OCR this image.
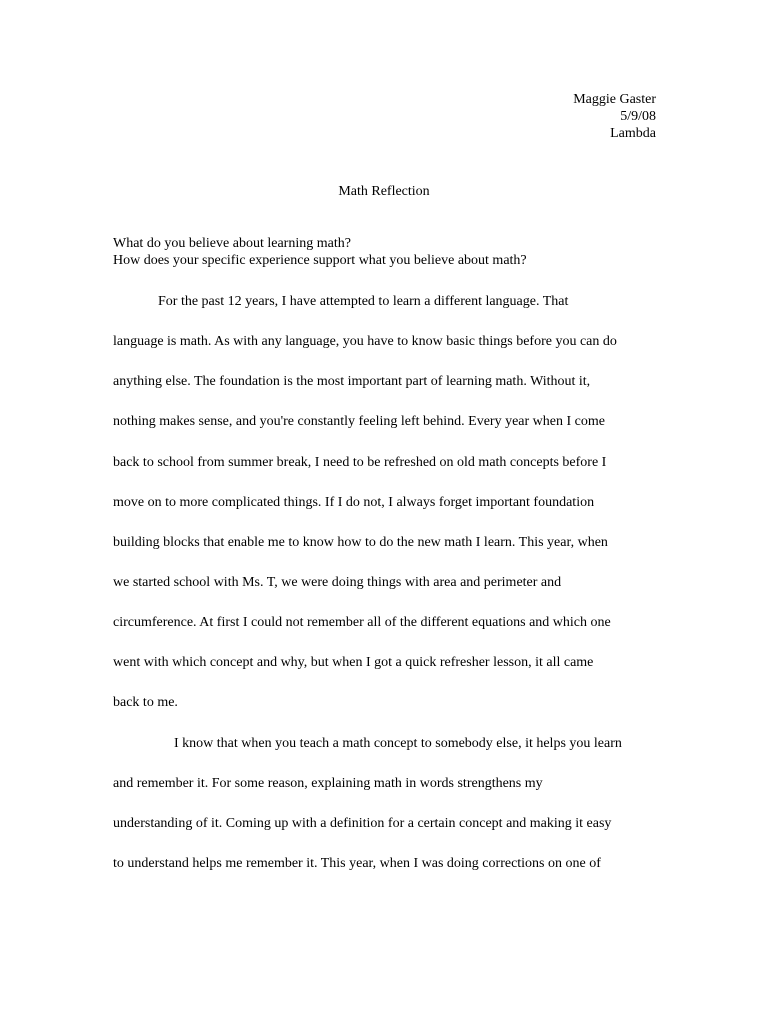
Maggie Gaster
5/9/08
Lambda
Math Reflection
What do you believe about learning math?
How does your specific experience support what you believe about math?
For the past 12 years, I have attempted to learn a different language. That
language is math. As with any language, you have to know basic things before you can do
anything else. The foundation is the most important part of learning math. Without it,
nothing makes sense, and you're constantly feeling left behind. Every year when I come
back to school from summer break, I need to be refreshed on old math concepts before I
move on to more complicated things. If I do not, I always forget important foundation
building blocks that enable me to know how to do the new math I learn. This year, when
we started school with Ms. T, we were doing things with area and perimeter and
circumference. At first I could not remember all of the different equations and which one
went with which concept and why, but when I got a quick refresher lesson, it all came
back to me.
I know that when you teach a math concept to somebody else, it helps you learn
and remember it. For some reason, explaining math in words strengthens my
understanding of it. Coming up with a definition for a certain concept and making it easy
to understand helps me remember it. This year, when I was doing corrections on one of
